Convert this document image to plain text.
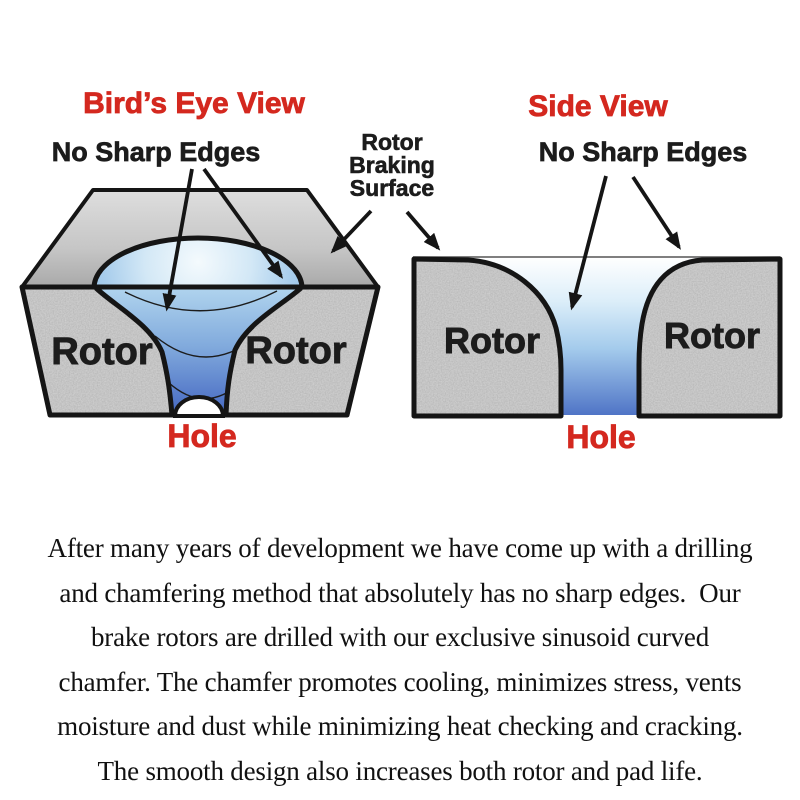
Bird’s Eye View	Side View
No Sharp Edges	No Sharp Edges
Rotor
Braking
Surface
Rotor Rotor	Rotor	Rotor
Hole	Hole
After many years of development we have come up with a drilling
and chamfering method that absolutely has no sharp edges.  Our
brake rotors are drilled with our exclusive sinusoid curved
chamfer. The chamfer promotes cooling, minimizes stress, vents
moisture and dust while minimizing heat checking and cracking.
The smooth design also increases both rotor and pad life.
